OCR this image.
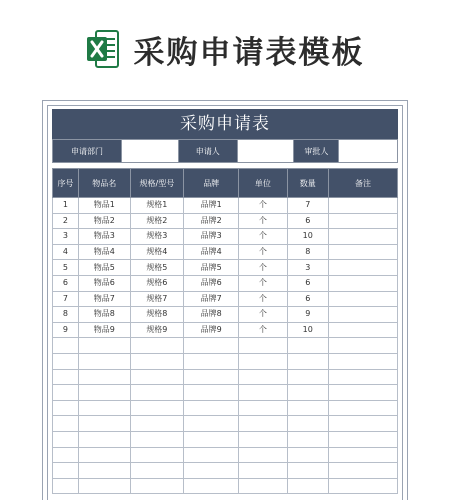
采购申请表模板
采购申请表
申请部门		申请人		审批人	
序号	物品名	规格/型号	品牌	单位	数量	备注
1	物品1	规格1	品牌1	个	7	
2	物品2	规格2	品牌2	个	6	
3	物品3	规格3	品牌3	个	10	
4	物品4	规格4	品牌4	个	8	
5	物品5	规格5	品牌5	个	3	
6	物品6	规格6	品牌6	个	6	
7	物品7	规格7	品牌7	个	6	
8	物品8	规格8	品牌8	个	9	
9	物品9	规格9	品牌9	个	10	
